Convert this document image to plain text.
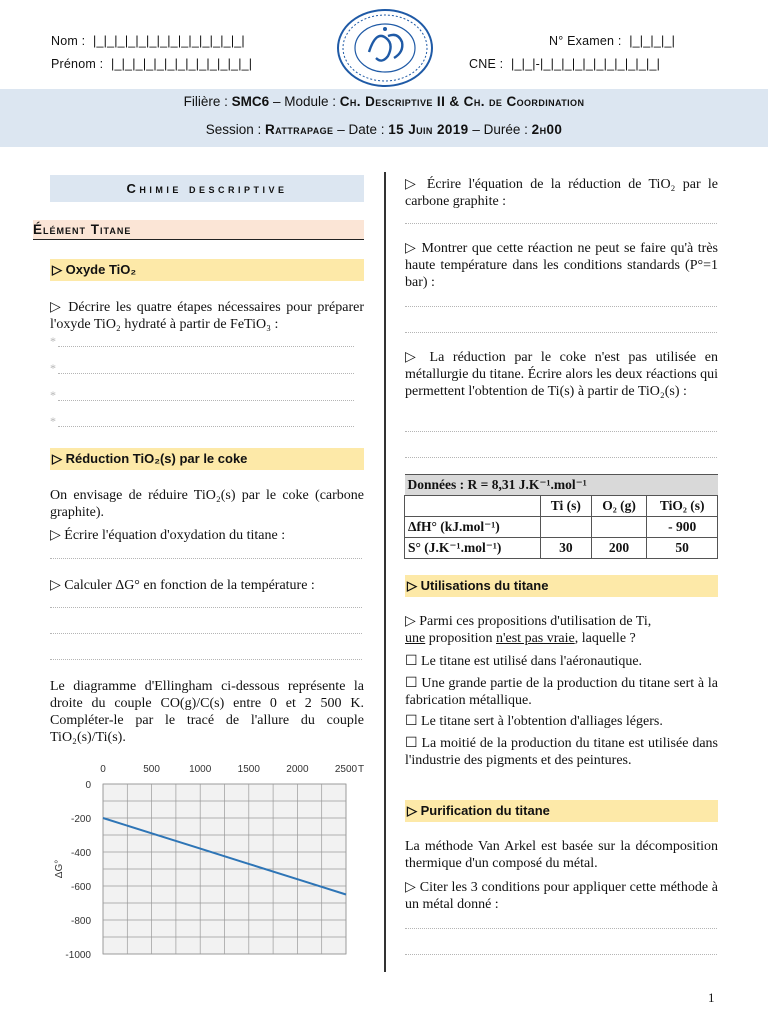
Nom : |_|_|_|_|_|_|_|_|_|_|_|_|_|_|
Prénom : |_|_|_|_|_|_|_|_|_|_|_|_|_|
N° Examen : |_|_|_|_|
CNE : |_|_|-|_|_|_|_|_|_|_|_|_|_|_|
Filière : SMC6 – Module : Ch. Descriptive II & Ch. de Coordination
Session : Rattrapage – Date : 15 Juin 2019 – Durée : 2h00
Chimie descriptive
Élément Titane
▷ Oxyde TiO₂
▷ Décrire les quatre étapes nécessaires pour préparer l'oxyde TiO₂ hydraté à partir de FeTiO₃ :
*
*
*
*
▷ Réduction TiO₂(s) par le coke
On envisage de réduire TiO₂(s) par le coke (carbone graphite).
▷ Écrire l'équation d'oxydation du titane :
▷ Calculer ΔG° en fonction de la température :
Le diagramme d'Ellingham ci-dessous représente la droite du couple CO(g)/C(s) entre 0 et 2 500 K. Compléter-le par le tracé de l'allure du couple TiO₂(s)/Ti(s).
0	500	1000	1500	2000	2500 T
0
-200
-400
-600
-800
-1000
ΔG°
▷ Écrire l'équation de la réduction de TiO₂ par le carbone graphite :
▷ Montrer que cette réaction ne peut se faire qu'à très haute température dans les conditions standards (P°=1 bar) :
▷ La réduction par le coke n'est pas utilisée en métallurgie du titane. Écrire alors les deux réactions qui permettent l'obtention de Ti(s) à partir de TiO₂(s) :
Données : R = 8,31 J.K⁻¹.mol⁻¹			
	Ti (s)	O₂ (g)	TiO₂ (s)
ΔfH° (kJ.mol⁻¹)			- 900
S° (J.K⁻¹.mol⁻¹)	30	200	50
▷ Utilisations du titane
▷ Parmi ces propositions d'utilisation de Ti,
une proposition n'est pas vraie, laquelle ?
☐ Le titane est utilisé dans l'aéronautique.
☐ Une grande partie de la production du titane sert à la fabrication métallique.
☐ Le titane sert à l'obtention d'alliages légers.
☐ La moitié de la production du titane est utilisée dans l'industrie des pigments et des peintures.
▷ Purification du titane
La méthode Van Arkel est basée sur la décomposition thermique d'un composé du métal.
▷ Citer les 3 conditions pour appliquer cette méthode à un métal donné :
1
